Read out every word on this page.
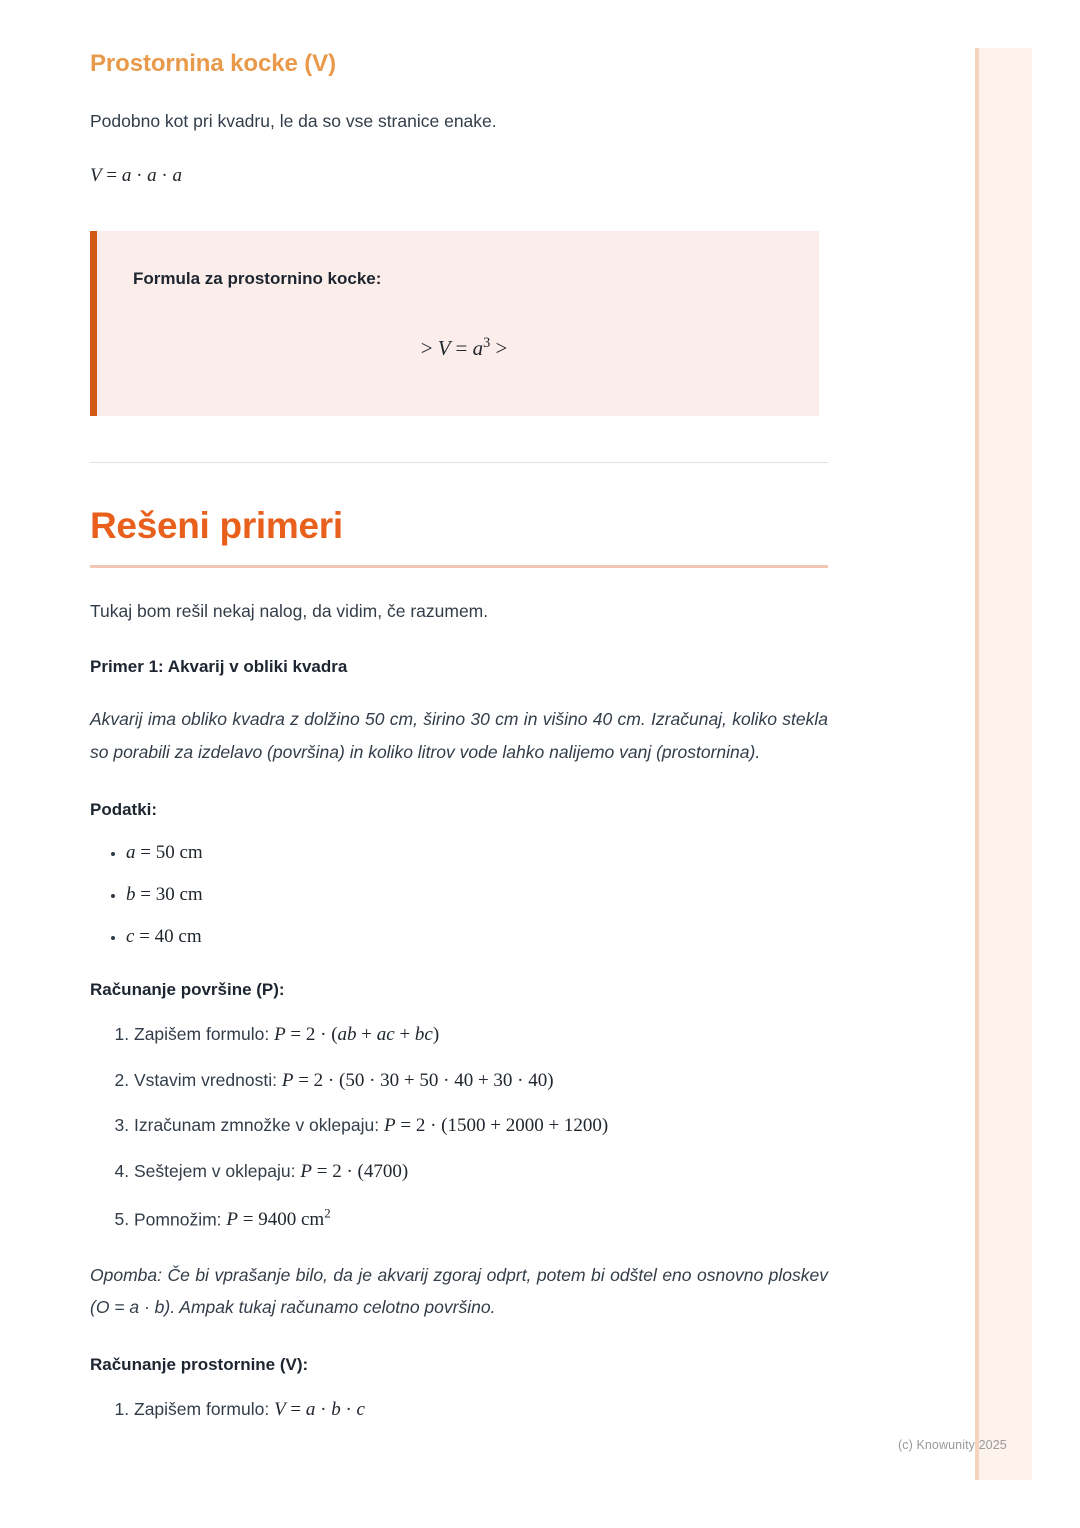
(c) Knowunity 2025
Prostornina kocke (V)

Podobno kot pri kvadru, le da so vse stranice enake.

V = a · a · a

Formula za prostornino kocke:

> $V = a^3$ >
Rešeni primeri

Tukaj bom rešil nekaj nalog, da vidim, če razumem.

Primer 1: Akvarij v obliki kvadra

Akvarij ima obliko kvadra z dolžino 50 cm, širino 30 cm in višino 40 cm. Izračunaj, koliko stekla so porabili za izdelavo (površina) in koliko litrov vode lahko nalijemo vanj (prostornina).

Podatki:
• a = 50 cm
• b = 30 cm
• c = 40 cm
Računanje površine (P):
1. Zapišem formulo: P = 2 · (ab + ac + bc)
2. Vstavim vrednosti: P = 2 · (50 · 30 + 50 · 40 + 30 · 40)
3. Izračunam zmnožke v oklepaju: P = 2 · (1500 + 2000 + 1200)
4. Seštejem v oklepaju: P = 2 · (4700)
5. Pomnožim: P = 9400 $cm^2$

Opomba: Če bi vprašanje bilo, da je akvarij zgoraj odprt, potem bi odštel eno osnovno ploskev (O = a · b). Ampak tukaj računamo celotno površino.

Računanje prostornine (V):
1. Zapišem formulo: V = a · b · c
